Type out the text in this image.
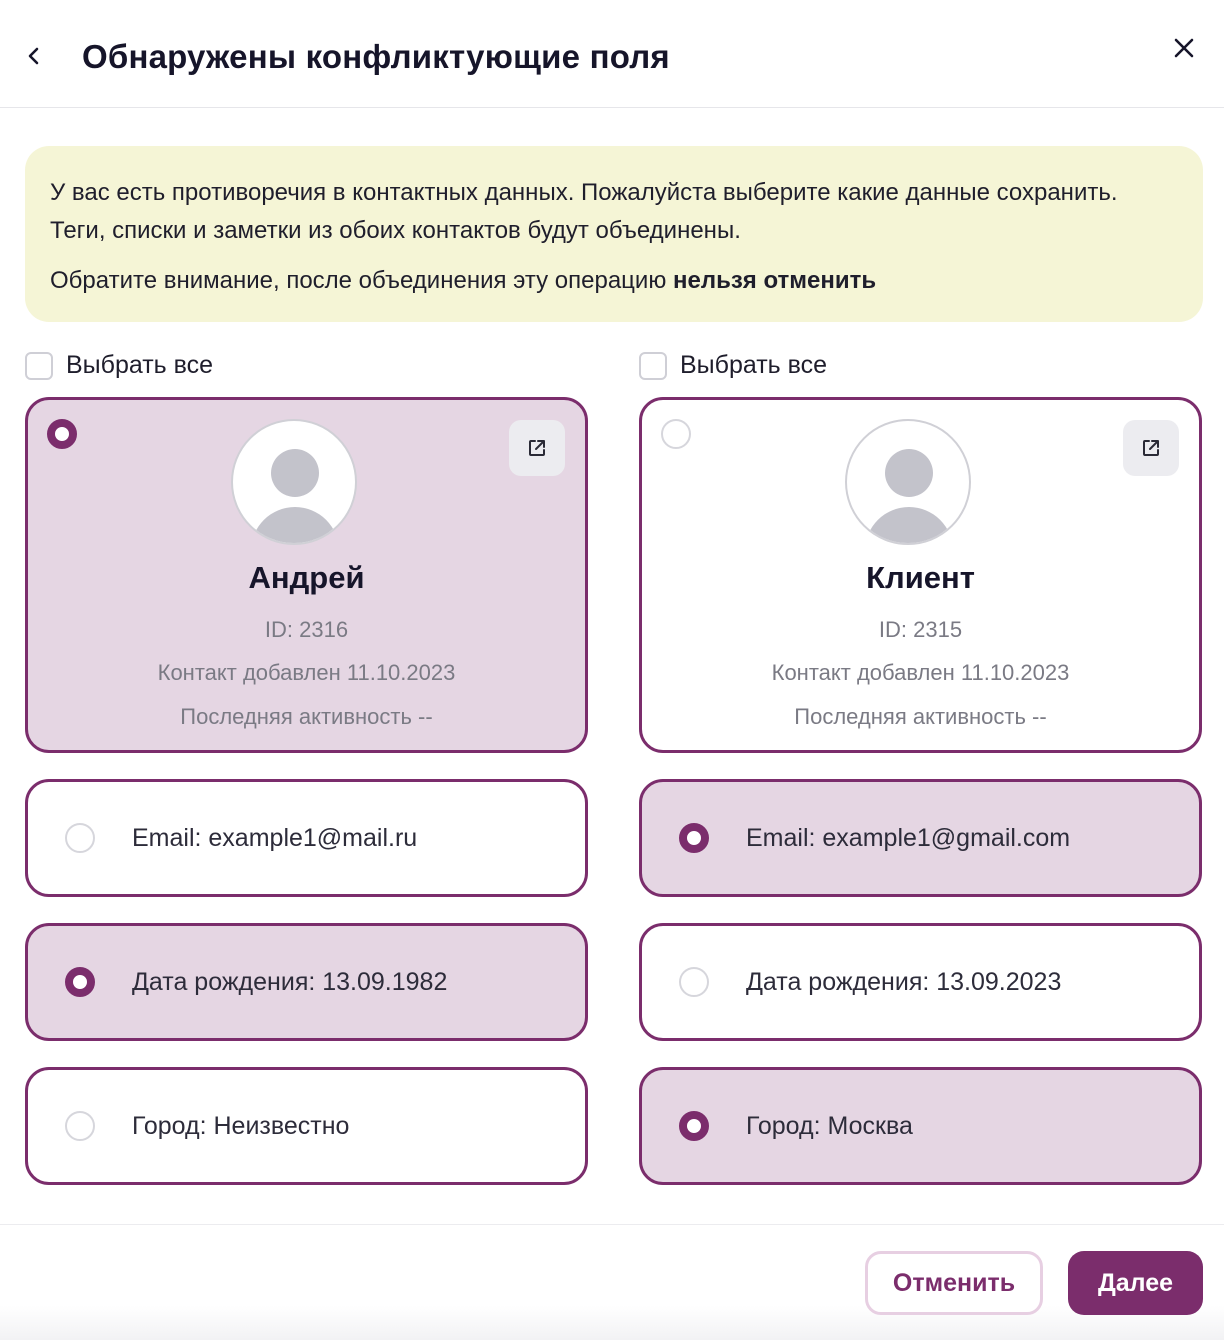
Обнаружены конфликтующие поля

У вас есть противоречия в контактных данных. Пожалуйста выберите какие данные сохранить. Теги, списки и заметки из обоих контактов будут объединены.

Обратите внимание, после объединения эту операцию нельзя отменить

Выбрать все	Выбрать все
Андрей
ID: 2316
Контакт добавлен 11.10.2023
Последняя активность --
Клиент
ID: 2315
Контакт добавлен 11.10.2023
Последняя активность --
Email: example1@mail.ru
Дата рождения: 13.09.1982
Город: Неизвестно
Email: example1@gmail.com
Дата рождения: 13.09.2023
Город: Москва
Отменить	Далее
